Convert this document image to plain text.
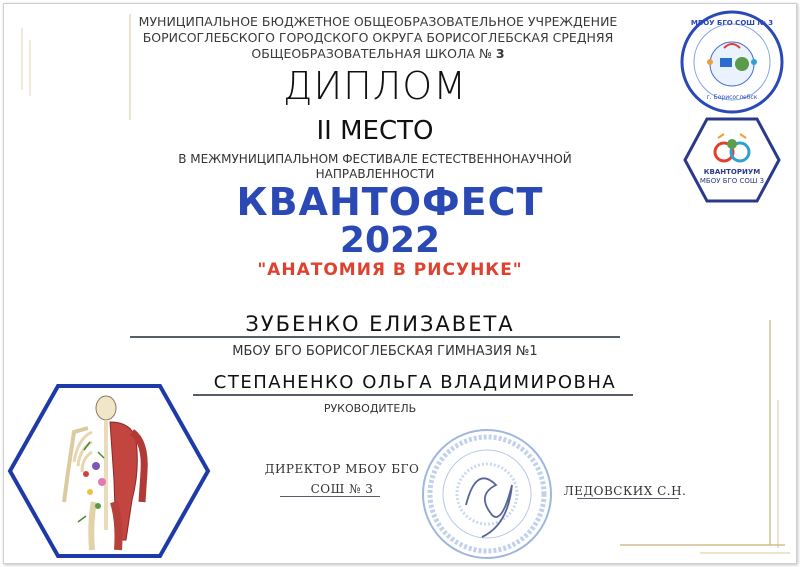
МУНИЦИПАЛЬНОЕ БЮДЖЕТНОЕ ОБЩЕОБРАЗОВАТЕЛЬНОЕ УЧРЕЖДЕНИЕ
БОРИСОГЛЕБСКОГО ГОРОДСКОГО ОКРУГА БОРИСОГЛЕБСКАЯ СРЕДНЯЯ
ОБЩЕОБРАЗОВАТЕЛЬНАЯ ШКОЛА № 3
МБОУ БГО СОШ № 3
г. Борисоглебск
КВАНТОРИУМ
МБОУ БГО СОШ 3
ДИПЛОМ
II МЕСТО
В МЕЖМУНИЦИПАЛЬНОМ ФЕСТИВАЛЕ ЕСТЕСТВЕННОНАУЧНОЙ
НАПРАВЛЕННОСТИ
КВАНТОФЕСТ
2022
"АНАТОМИЯ В РИСУНКЕ"
ЗУБЕНКО ЕЛИЗАВЕТА
МБОУ БГО БОРИСОГЛЕБСКАЯ ГИМНАЗИЯ №1
СТЕПАНЕНКО ОЛЬГА ВЛАДИМИРОВНА
РУКОВОДИТЕЛЬ
ДИРЕКТОР МБОУ БГО
СОШ № 3	ЛЕДОВСКИХ С.Н.
